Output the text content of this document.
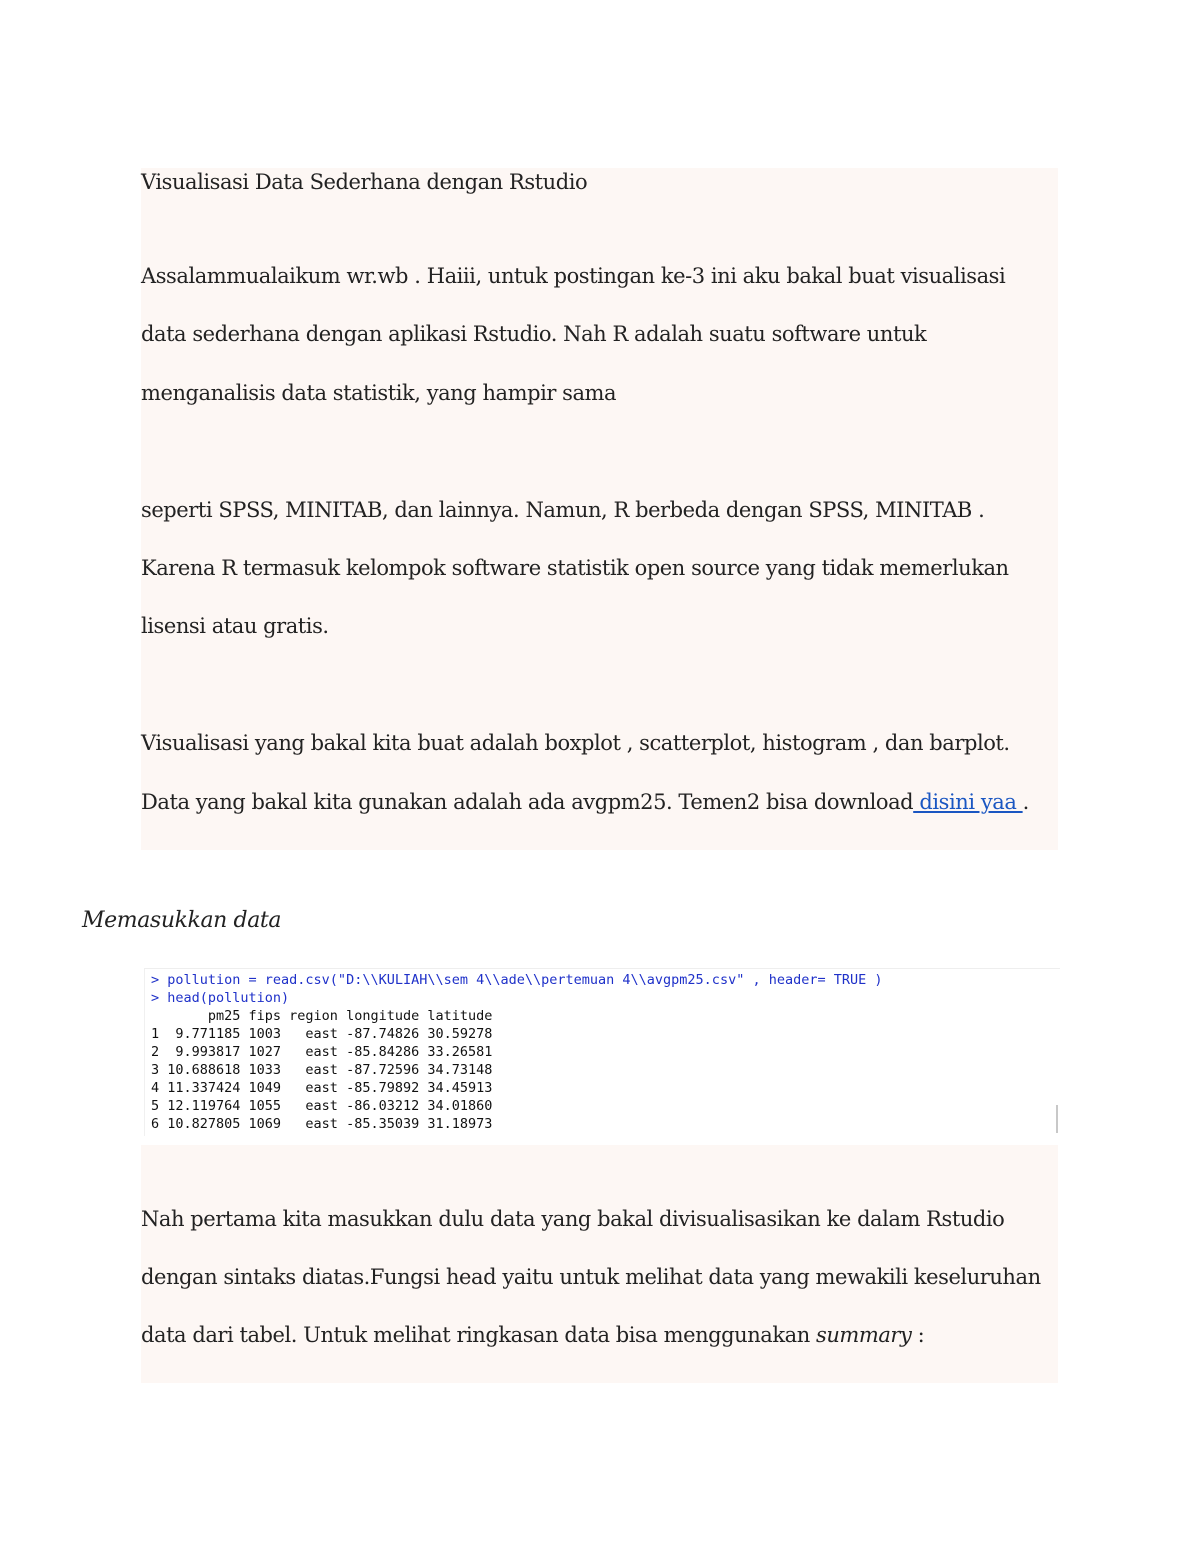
Visualisasi Data Sederhana dengan Rstudio
Assalammualaikum wr.wb . Haiii, untuk postingan ke-3 ini aku bakal buat visualisasi
data sederhana dengan aplikasi Rstudio. Nah R adalah suatu software untuk
menganalisis data statistik, yang hampir sama
seperti SPSS, MINITAB, dan lainnya. Namun, R berbeda dengan SPSS, MINITAB .
Karena R termasuk kelompok software statistik open source yang tidak memerlukan
lisensi atau gratis.
Visualisasi yang bakal kita buat adalah boxplot , scatterplot, histogram , dan barplot.
Data yang bakal kita gunakan adalah ada avgpm25. Temen2 bisa download disini yaa .
Memasukkan data
> pollution = read.csv("D:\\KULIAH\\sem 4\\ade\\pertemuan 4\\avgpm25.csv" , header= TRUE )
> head(pollution)
pm25 fips region longitude latitude
1  9.771185 1003   east -87.74826 30.59278
2  9.993817 1027   east -85.84286 33.26581
3 10.688618 1033   east -87.72596 34.73148
4 11.337424 1049   east -85.79892 34.45913
5 12.119764 1055   east -86.03212 34.01860
6 10.827805 1069   east -85.35039 31.18973
Nah pertama kita masukkan dulu data yang bakal divisualisasikan ke dalam Rstudio
dengan sintaks diatas.Fungsi head yaitu untuk melihat data yang mewakili keseluruhan
data dari tabel. Untuk melihat ringkasan data bisa menggunakan summary :
